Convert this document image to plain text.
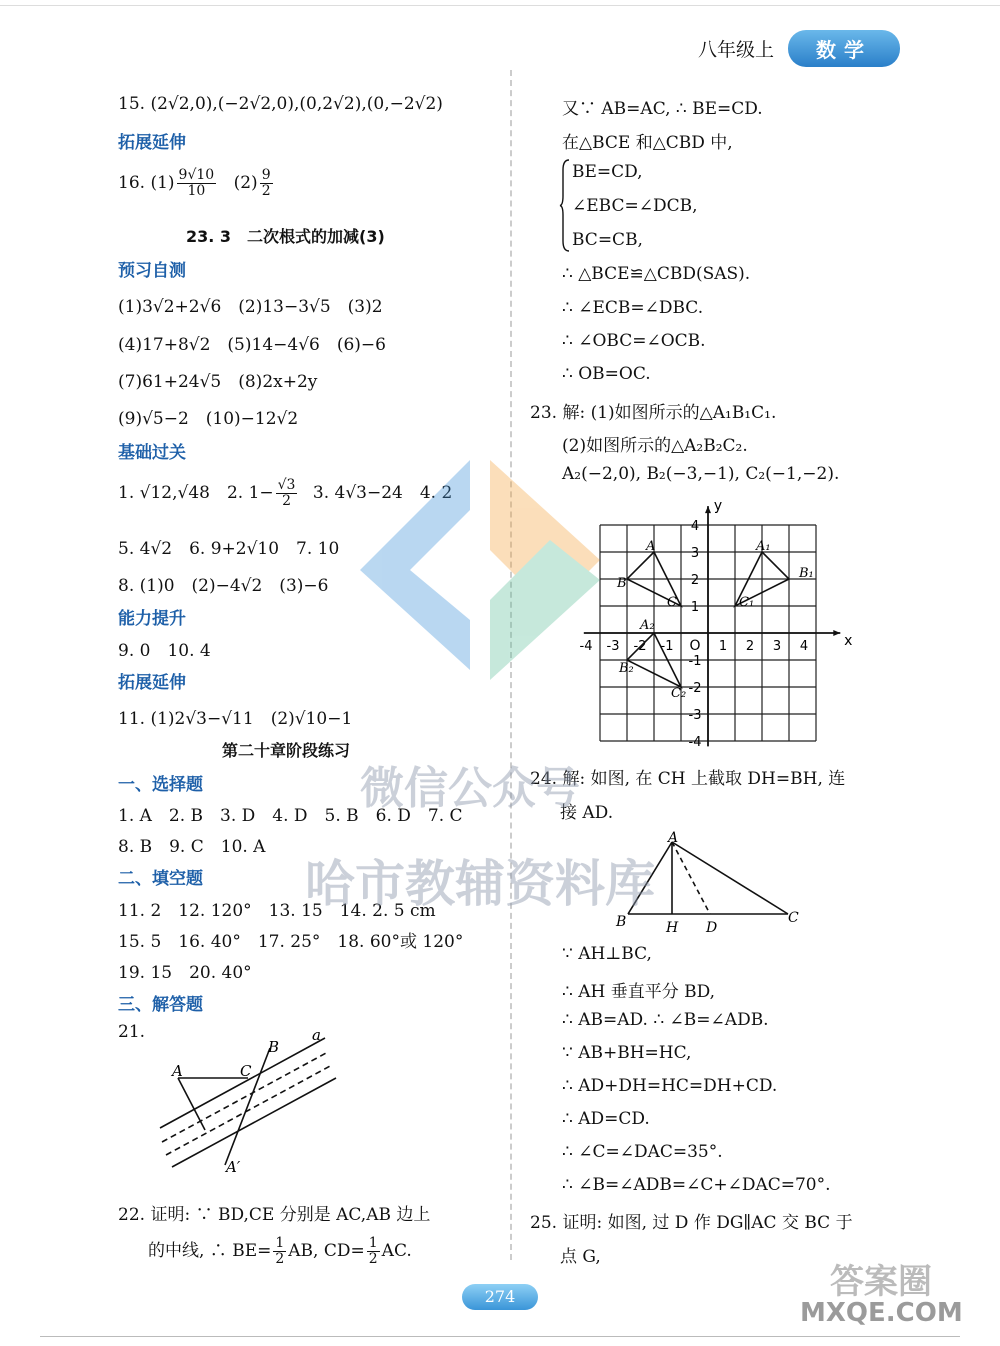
八年级上	数学
15. (2√2,0),(−2√2,0),(0,2√2),(0,−2√2)
拓展延伸
16. $(1) \frac{9√10}{10} (2) \frac{9}{2}$
23. 3　二次根式的加减(3)
预习自测
(1)3√2+2√6　(2)13−3√5　(3)2
(4)17+8√2　(5)14−4√6　(6)−6
(7)61+24√5　(8)2x+2y
(9)√5−2　(10)−12√2
基础过关
1. √12,√48　2. $1- \frac{√3}{2} 3$. 4√3−24　4. 2
5. 4√2　6. 9+2√10　7. 10
8. (1)0　(2)−4√2　(3)−6
能力提升
9. 0　10. 4
拓展延伸
11. (1)2√3−√11　(2)√10−1
第二十章阶段练习
一、选择题
1. A　2. B　3. D　4. D　5. B　6. D　7. C
8. B　9. C　10. A
二、填空题
11. 2　12. 120°　13. 15　14. 2. 5 cm
15. 5　16. 40°　17. 25°　18. 60°或 120°
19. 15　20. 40°
三、解答题
21.
22. 证明: ∵ BD,CE 分别是 AC,AB 边上
的中线, ∴ $BE= \frac{1}{2}$ AB, $CD= \frac{1}{2}$ AC.
A	C
B
a
A′
又∵ AB=AC, ∴ BE=CD.
在△BCE 和△CBD 中,
BE=CD,
∠EBC=∠DCB,
BC=CB,
∴ △BCE≌△CBD(SAS).
∴ ∠ECB=∠DBC.
∴ ∠OBC=∠OCB.
∴ OB=OC.
23. 解: (1)如图所示的△A₁B₁C₁.
(2)如图所示的△A₂B₂C₂.
A₂(−2,0), B₂(−3,−1), C₂(−1,−2).
24. 解: 如图, 在 CH 上截取 DH=BH, 连
接 AD.
∵ AH⊥BC,
∴ AH 垂直平分 BD,
∴ AB=AD. ∴ ∠B=∠ADB.
∵ AB+BH=HC,
∴ AD+DH=HC=DH+CD.
∴ AD=CD.
∴ ∠C=∠DAC=35°.
∴ ∠B=∠ADB=∠C+∠DAC=70°.
25. 证明: 如图, 过 D 作 DG∥AC 交 BC 于
点 G,
-4 -3 -2 -1	1 2 3 4
4
3
2
1
-1
-2
-3
-4
O	x
y
A
B
C
A₁
B₁
C₁
A₂
B₂
C₂
A
B	H D
C
微信公众号
哈市教辅资料库
答案圈
MXQE.COM
274
